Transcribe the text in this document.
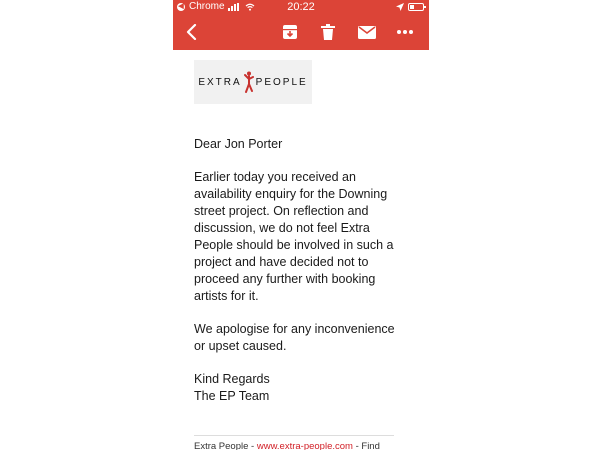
◀ Chrome	20:22
EXTRA PEOPLE

Dear Jon Porter

Earlier today you received an availability enquiry for the Downing street project. On reflection and discussion, we do not feel Extra People should be involved in such a project and have decided not to proceed any further with booking artists for it.

We apologise for any inconvenience or upset caused.

Kind Regards

The EP Team

Extra People - www.extra-people.com - Find
